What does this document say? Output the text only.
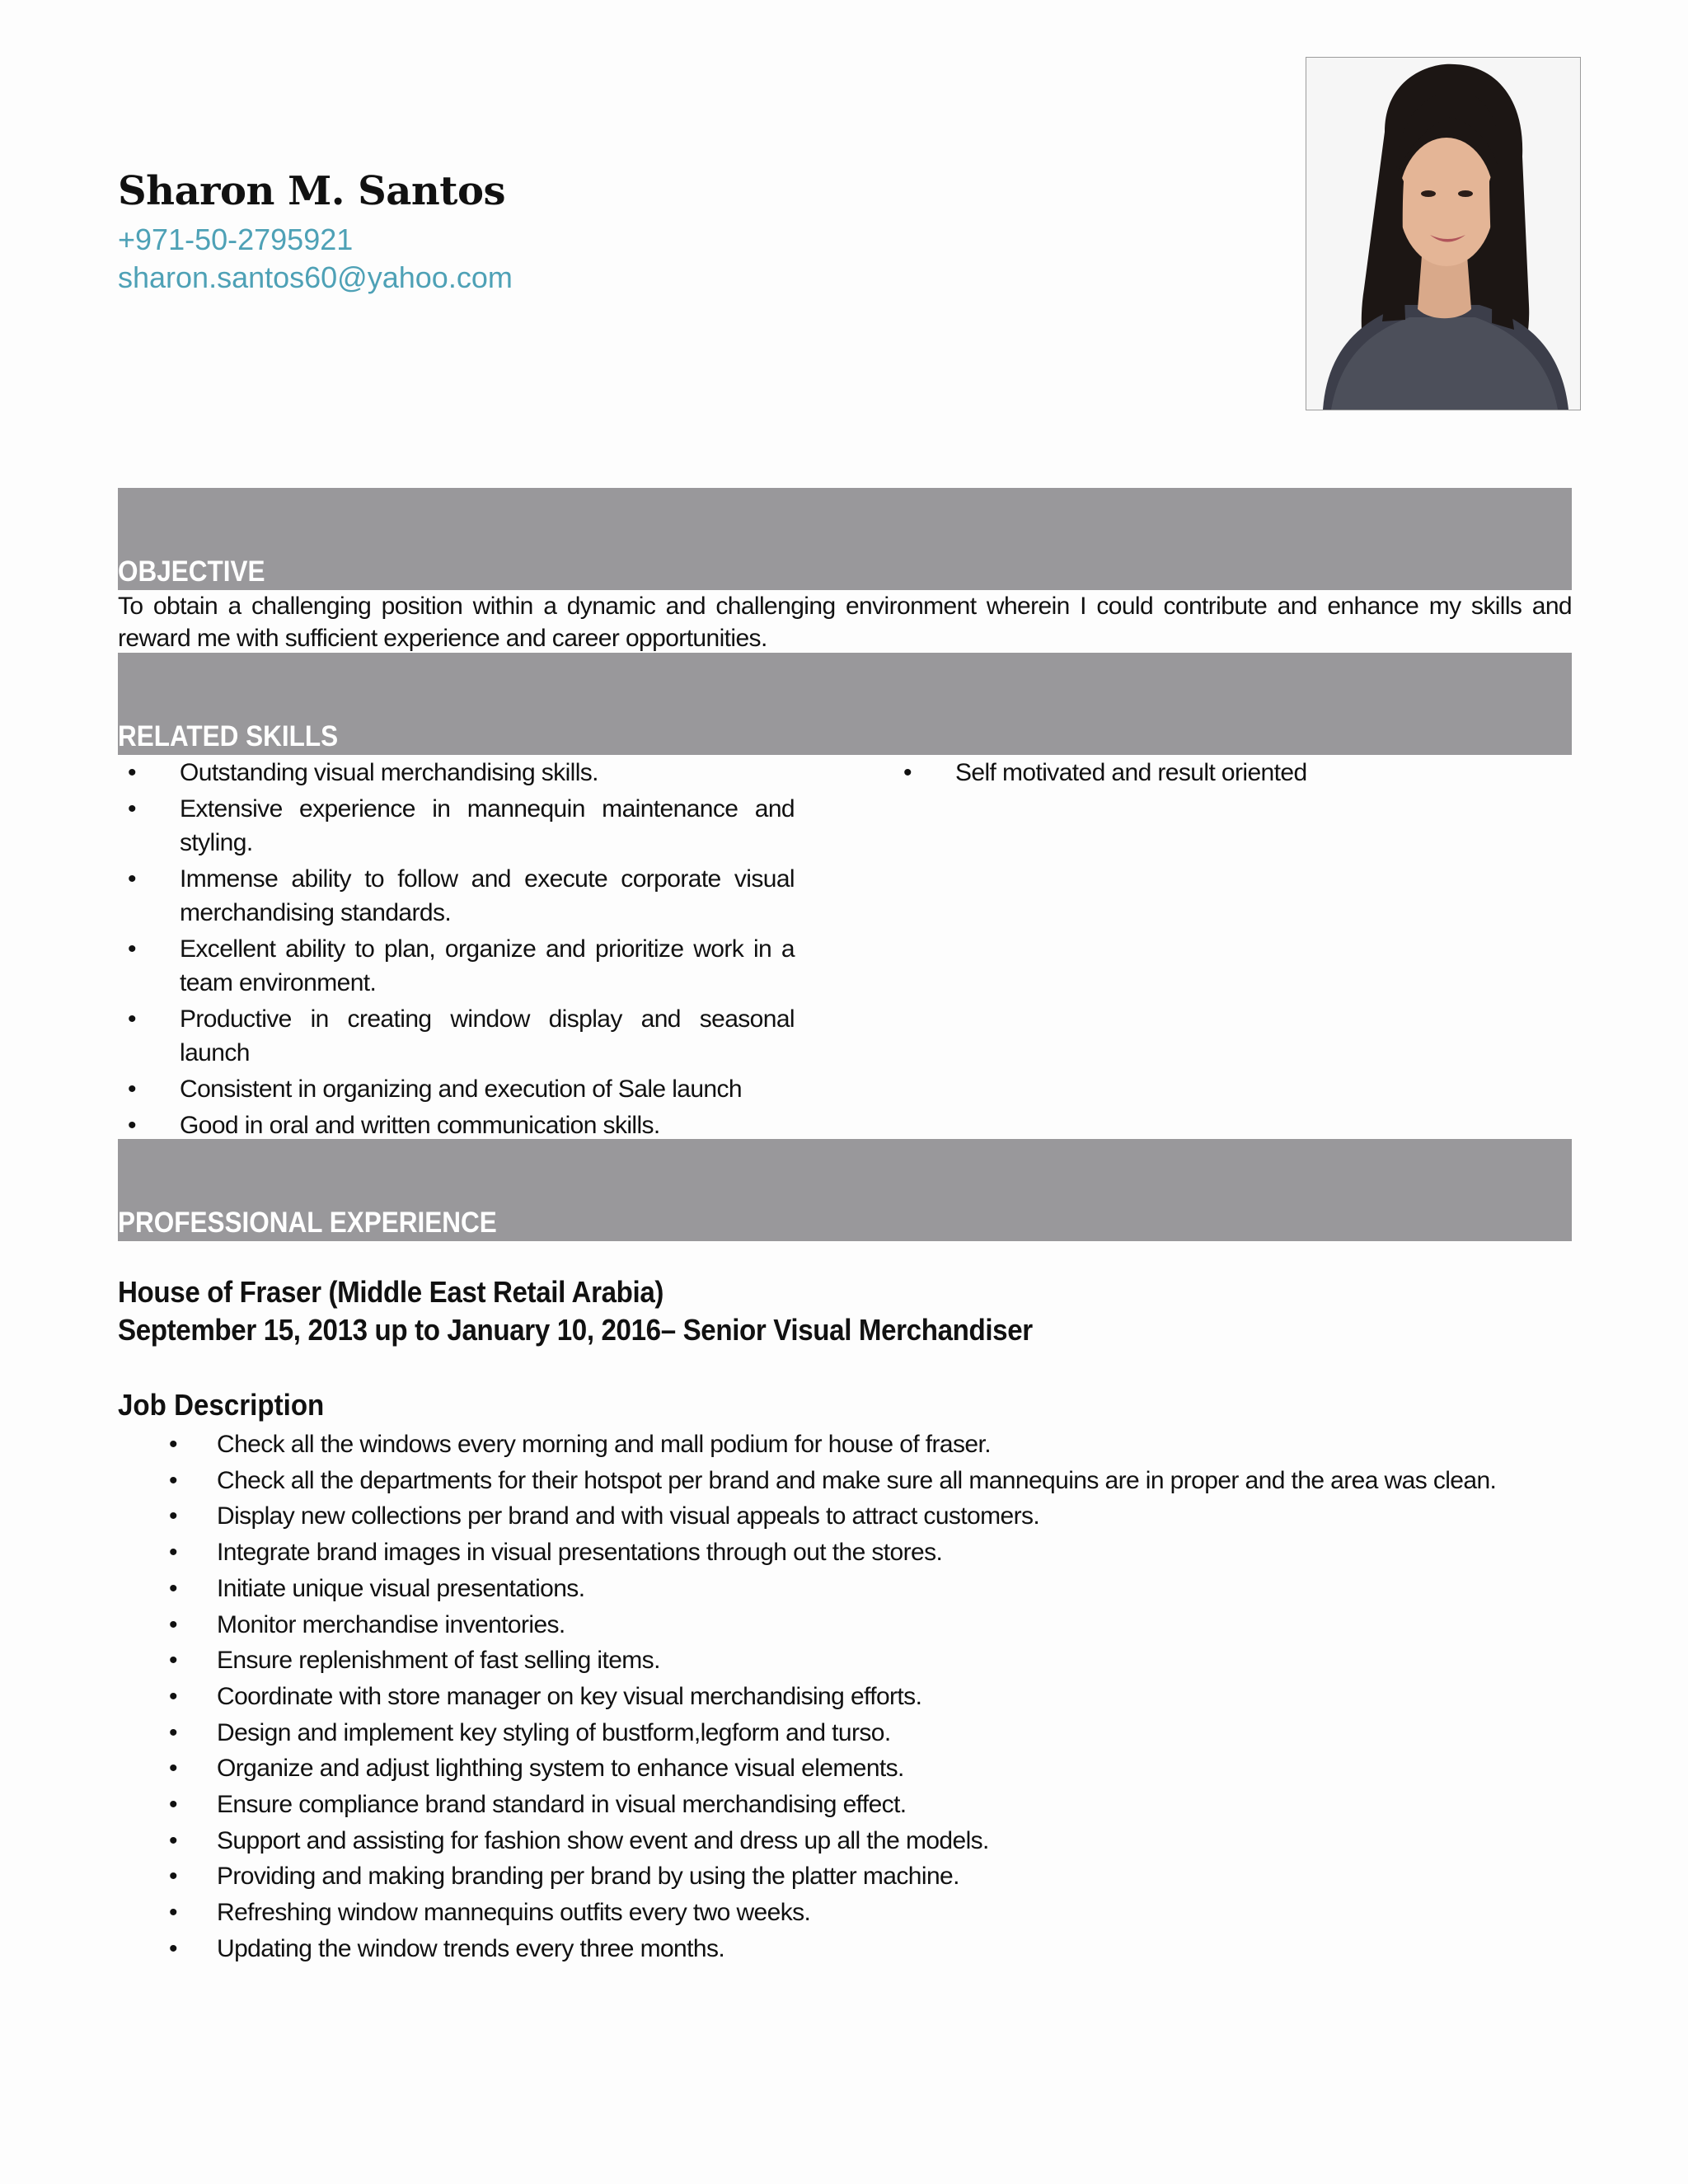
Sharon M. Santos
+971-50-2795921
sharon.santos60@yahoo.com
OBJECTIVE
To obtain a challenging position within a dynamic and challenging environment wherein I could contribute and enhance my skills and reward me with sufficient experience and career opportunities.
RELATED SKILLS
• Outstanding visual merchandising skills.
• Extensive experience in mannequin maintenance and styling.
• Immense ability to follow and execute corporate visual merchandising standards.
• Excellent ability to plan, organize and prioritize work in a team environment.
• Productive in creating window display and seasonal launch
• Consistent in organizing and execution of Sale launch
• Good in oral and written communication skills.
• Self motivated and result oriented
PROFESSIONAL EXPERIENCE
House of Fraser (Middle East Retail Arabia)
September 15, 2013 up to January 10, 2016– Senior Visual Merchandiser
Job Description
• Check all the windows every morning and mall podium for house of fraser.
• Check all the departments for their hotspot per brand and make sure all mannequins are in proper and the area was clean.
• Display new collections per brand and with visual appeals to attract customers.
• Integrate brand images in visual presentations through out the stores.
• Initiate unique visual presentations.
• Monitor merchandise inventories.
• Ensure replenishment of fast selling items.
• Coordinate with store manager on key visual merchandising efforts.
• Design and implement key styling of bustform,legform and turso.
• Organize and adjust lighthing system to enhance visual elements.
• Ensure compliance brand standard in visual merchandising effect.
• Support and assisting for fashion show event and dress up all the models.
• Providing and making branding per brand by using the platter machine.
• Refreshing window mannequins outfits every two weeks.
• Updating the window trends every three months.
